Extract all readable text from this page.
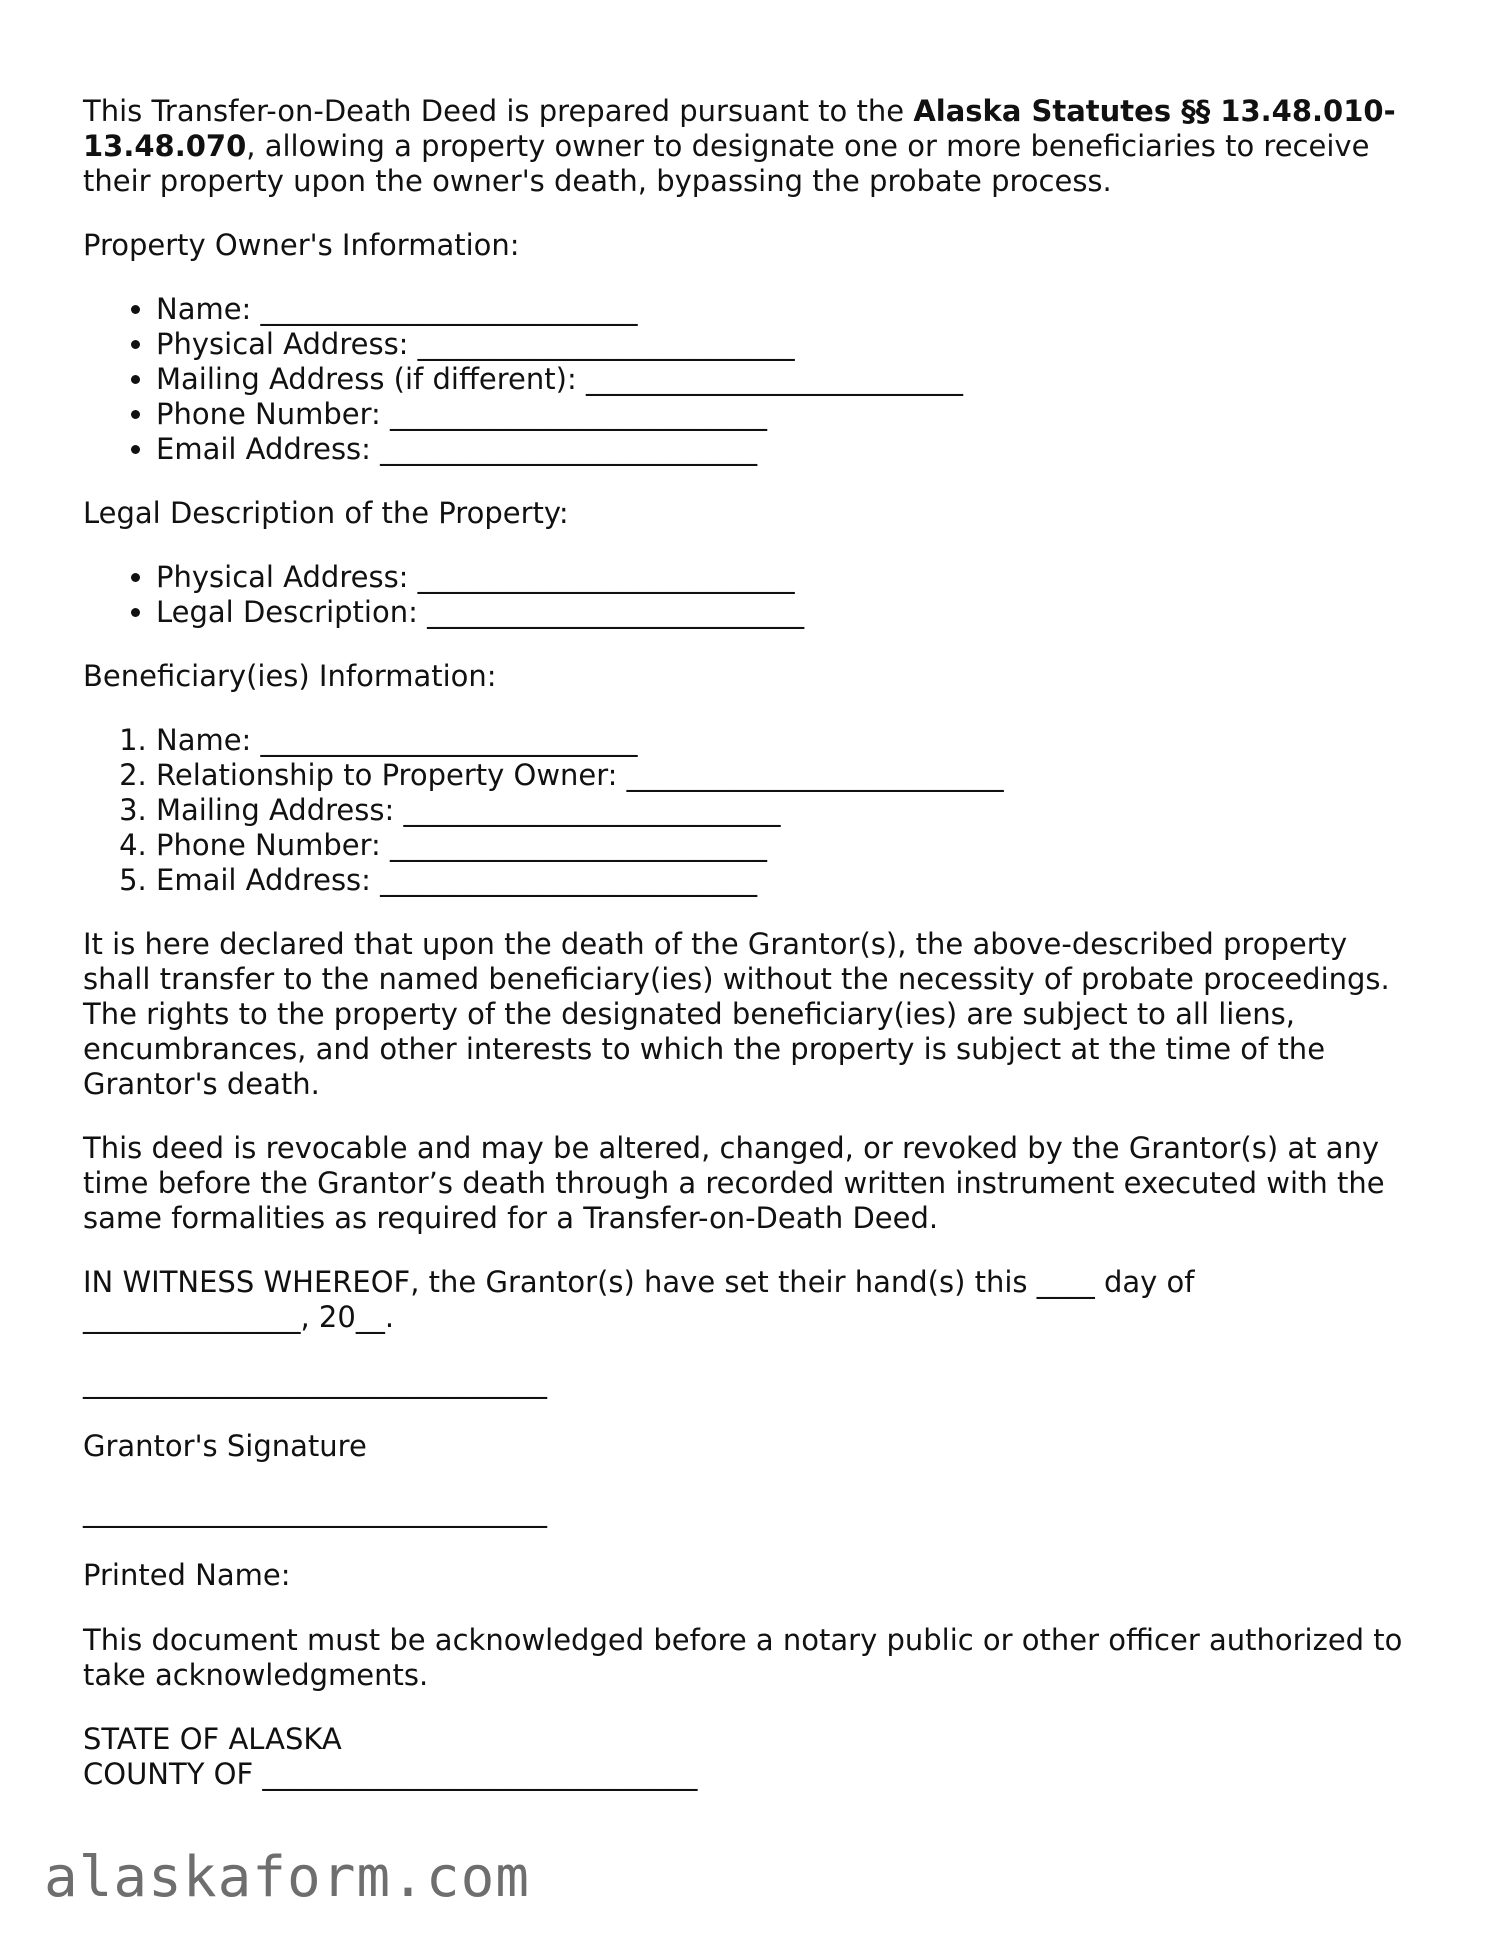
This Transfer-on-Death Deed is prepared pursuant to the Alaska Statutes §§ 13.48.010-13.48.070, allowing a property owner to designate one or more beneficiaries to receive their property upon the owner's death, bypassing the probate process.

Property Owner's Information:

• Name: __________________________
• Physical Address: __________________________
• Mailing Address (if different): __________________________
• Phone Number: __________________________
• Email Address: __________________________

Legal Description of the Property:

• Physical Address: __________________________
• Legal Description: __________________________

Beneficiary(ies) Information:

1. Name: __________________________
2. Relationship to Property Owner: __________________________
3. Mailing Address: __________________________
4. Phone Number: __________________________
5. Email Address: __________________________

It is here declared that upon the death of the Grantor(s), the above-described property shall transfer to the named beneficiary(ies) without the necessity of probate proceedings. The rights to the property of the designated beneficiary(ies) are subject to all liens, encumbrances, and other interests to which the property is subject at the time of the Grantor's death.

This deed is revocable and may be altered, changed, or revoked by the Grantor(s) at any time before the Grantor’s death through a recorded written instrument executed with the same formalities as required for a Transfer-on-Death Deed.

IN WITNESS WHEREOF, the Grantor(s) have set their hand(s) this ____ day of _______________, 20__.

________________________________

Grantor's Signature

________________________________

Printed Name:

This document must be acknowledged before a notary public or other officer authorized to take acknowledgments.

STATE OF ALASKA

COUNTY OF ______________________________

alaskaform.com
